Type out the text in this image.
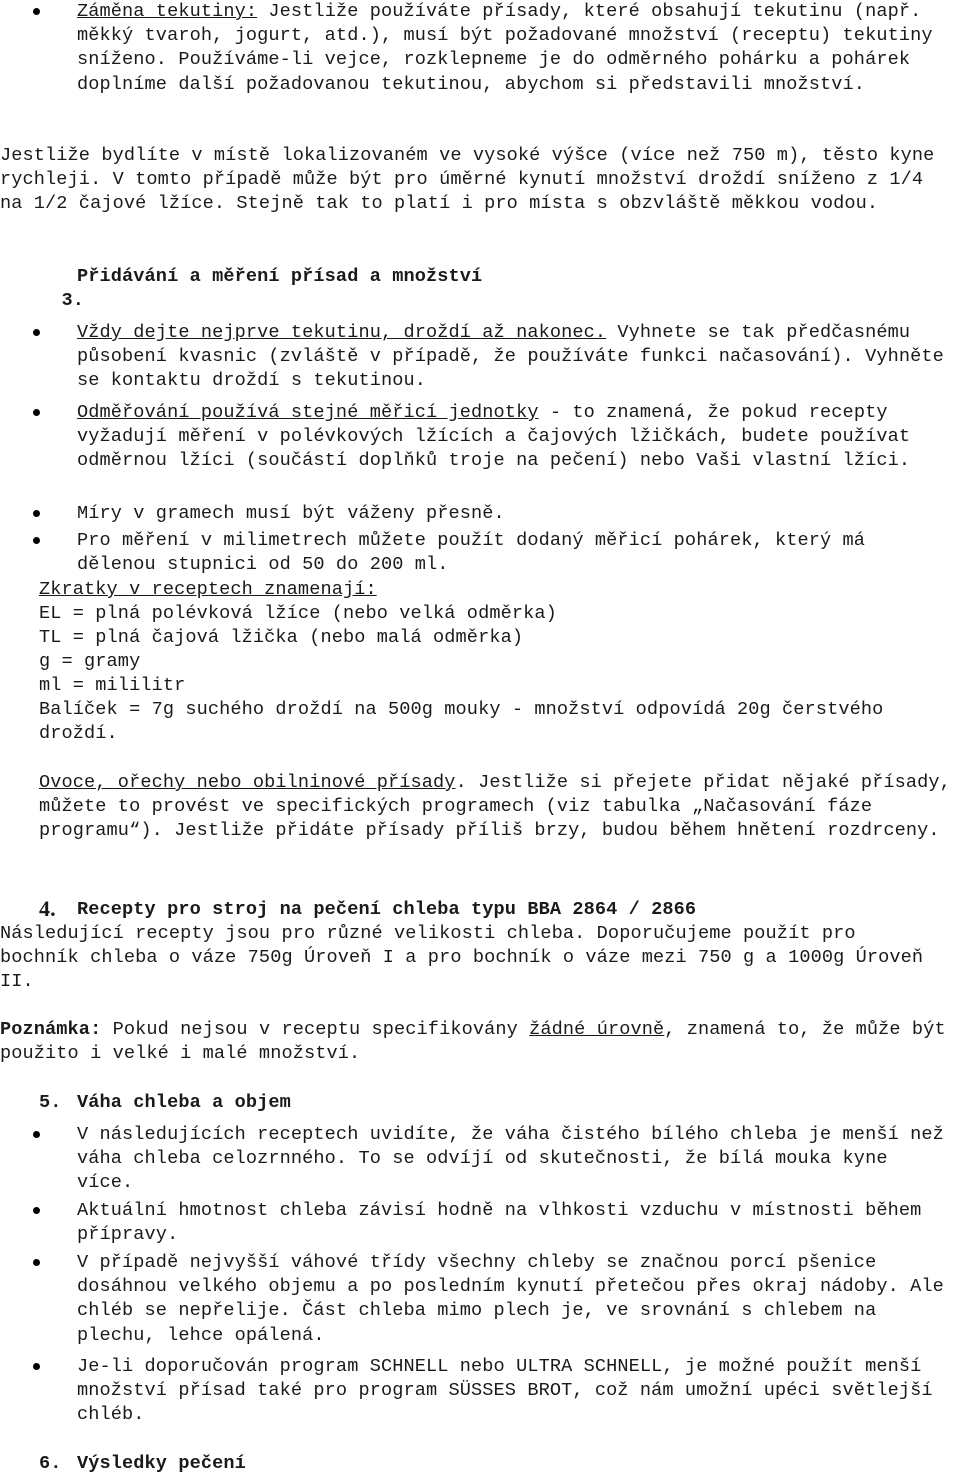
Záměna tekutiny: Jestliže používáte přísady, které obsahují tekutinu (např. měkký tvaroh, jogurt, atd.), musí být požadované množství (receptu) tekutiny sníženo. Používáme-li vejce, rozklepneme je do odměrného pohárku a pohárek doplníme další požadovanou tekutinou, abychom si představili množství.
Jestliže bydlíte v místě lokalizovaném ve vysoké výšce (více než 750 m), těsto kyne rychleji. V tomto případě může být pro úměrné kynutí množství droždí sníženo z 1/4 na 1/2 čajové lžíce. Stejně tak to platí i pro místa s obzvláště měkkou vodou.

3.

Přidávání a měření přísad a množství
Vždy dejte nejprve tekutinu, droždí až nakonec. Vyhnete se tak předčasnému působení kvasnic (zvláště v případě, že používáte funkci načasování). Vyhněte se kontaktu droždí s tekutinou.
Odměřování používá stejné měřicí jednotky - to znamená, že pokud recepty vyžadují měření v polévkových lžících a čajových lžičkách, budete používat odměrnou lžíci (součástí doplňků troje na pečení) nebo Vaši vlastní lžíci.
Míry v gramech musí být váženy přesně.
Pro měření v milimetrech můžete použít dodaný měřicí pohárek, který má dělenou stupnici od 50 do 200 ml.
Zkratky v receptech znamenají:
EL = plná polévková lžíce (nebo velká odměrka)
TL = plná čajová lžička (nebo malá odměrka)
g = gramy
ml = mililitr
Balíček = 7g suchého droždí na 500g mouky - množství odpovídá 20g čerstvého droždí.
Ovoce, ořechy nebo obilninové přísady. Jestliže si přejete přidat nějaké přísady, můžete to provést ve specifických programech (viz tabulka „Načasování fáze programu“). Jestliže přidáte přísady příliš brzy, budou během hnětení rozdrceny.
4. Recepty pro stroj na pečení chleba typu BBA 2864 / 2866
Následující recepty jsou pro různé velikosti chleba. Doporučujeme použít pro bochník chleba o váze 750g Úroveň I a pro bochník o váze mezi 750 g a 1000g Úroveň II.
Poznámka: Pokud nejsou v receptu specifikovány žádné úrovně, znamená to, že může být použito i velké i malé množství.
5. Váha chleba a objem
V následujících receptech uvidíte, že váha čistého bílého chleba je menší než váha chleba celozrnného. To se odvíjí od skutečnosti, že bílá mouka kyne více.
Aktuální hmotnost chleba závisí hodně na vlhkosti vzduchu v místnosti během přípravy.
V případě nejvyšší váhové třídy všechny chleby se značnou porcí pšenice dosáhnou velkého objemu a po posledním kynutí přetečou přes okraj nádoby. Ale chléb se nepřelije. Část chleba mimo plech je, ve srovnání s chlebem na plechu, lehce opálená.
Je-li doporučován program SCHNELL nebo ULTRA SCHNELL, je možné použít menší množství přísad také pro program SÜSSES BROT, což nám umožní upéci světlejší chléb.
6. Výsledky pečení
